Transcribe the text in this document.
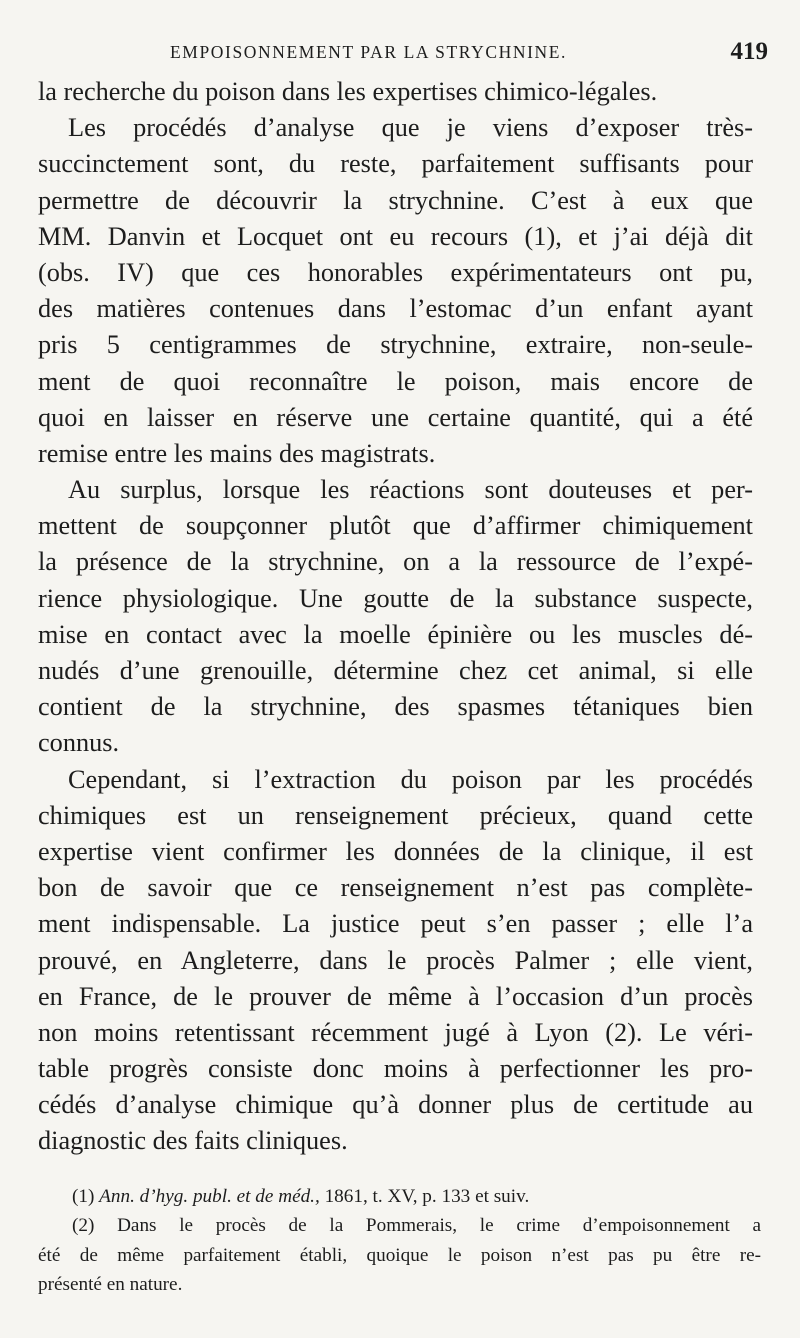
EMPOISONNEMENT PAR LA STRYCHNINE.	419

la recherche du poison dans les expertises chimico-légales.

Les procédés d’analyse que je viens d’exposer très-
succinctement sont, du reste, parfaitement suffisants pour
permettre de découvrir la strychnine. C’est à eux que
MM. Danvin et Locquet ont eu recours (1), et j’ai déjà dit
(obs. IV) que ces honorables expérimentateurs ont pu,
des matières contenues dans l’estomac d’un enfant ayant
pris 5 centigrammes de strychnine, extraire, non-seule-
ment de quoi reconnaître le poison, mais encore de
quoi en laisser en réserve une certaine quantité, qui a été
remise entre les mains des magistrats.

Au surplus, lorsque les réactions sont douteuses et per-
mettent de soupçonner plutôt que d’affirmer chimiquement
la présence de la strychnine, on a la ressource de l’expé-
rience physiologique. Une goutte de la substance suspecte,
mise en contact avec la moelle épinière ou les muscles dé-
nudés d’une grenouille, détermine chez cet animal, si elle
contient de la strychnine, des spasmes tétaniques bien
connus.

Cependant, si l’extraction du poison par les procédés
chimiques est un renseignement précieux, quand cette
expertise vient confirmer les données de la clinique, il est
bon de savoir que ce renseignement n’est pas complète-
ment indispensable. La justice peut s’en passer ; elle l’a
prouvé, en Angleterre, dans le procès Palmer ; elle vient,
en France, de le prouver de même à l’occasion d’un procès
non moins retentissant récemment jugé à Lyon (2). Le véri-
table progrès consiste donc moins à perfectionner les pro-
cédés d’analyse chimique qu’à donner plus de certitude au
diagnostic des faits cliniques.

(1) Ann. d’hyg. publ. et de méd., 1861, t. XV, p. 133 et suiv.
(2) Dans le procès de la Pommerais, le crime d’empoisonnement a
été de même parfaitement établi, quoique le poison n’est pas pu être re-
présenté en nature.
